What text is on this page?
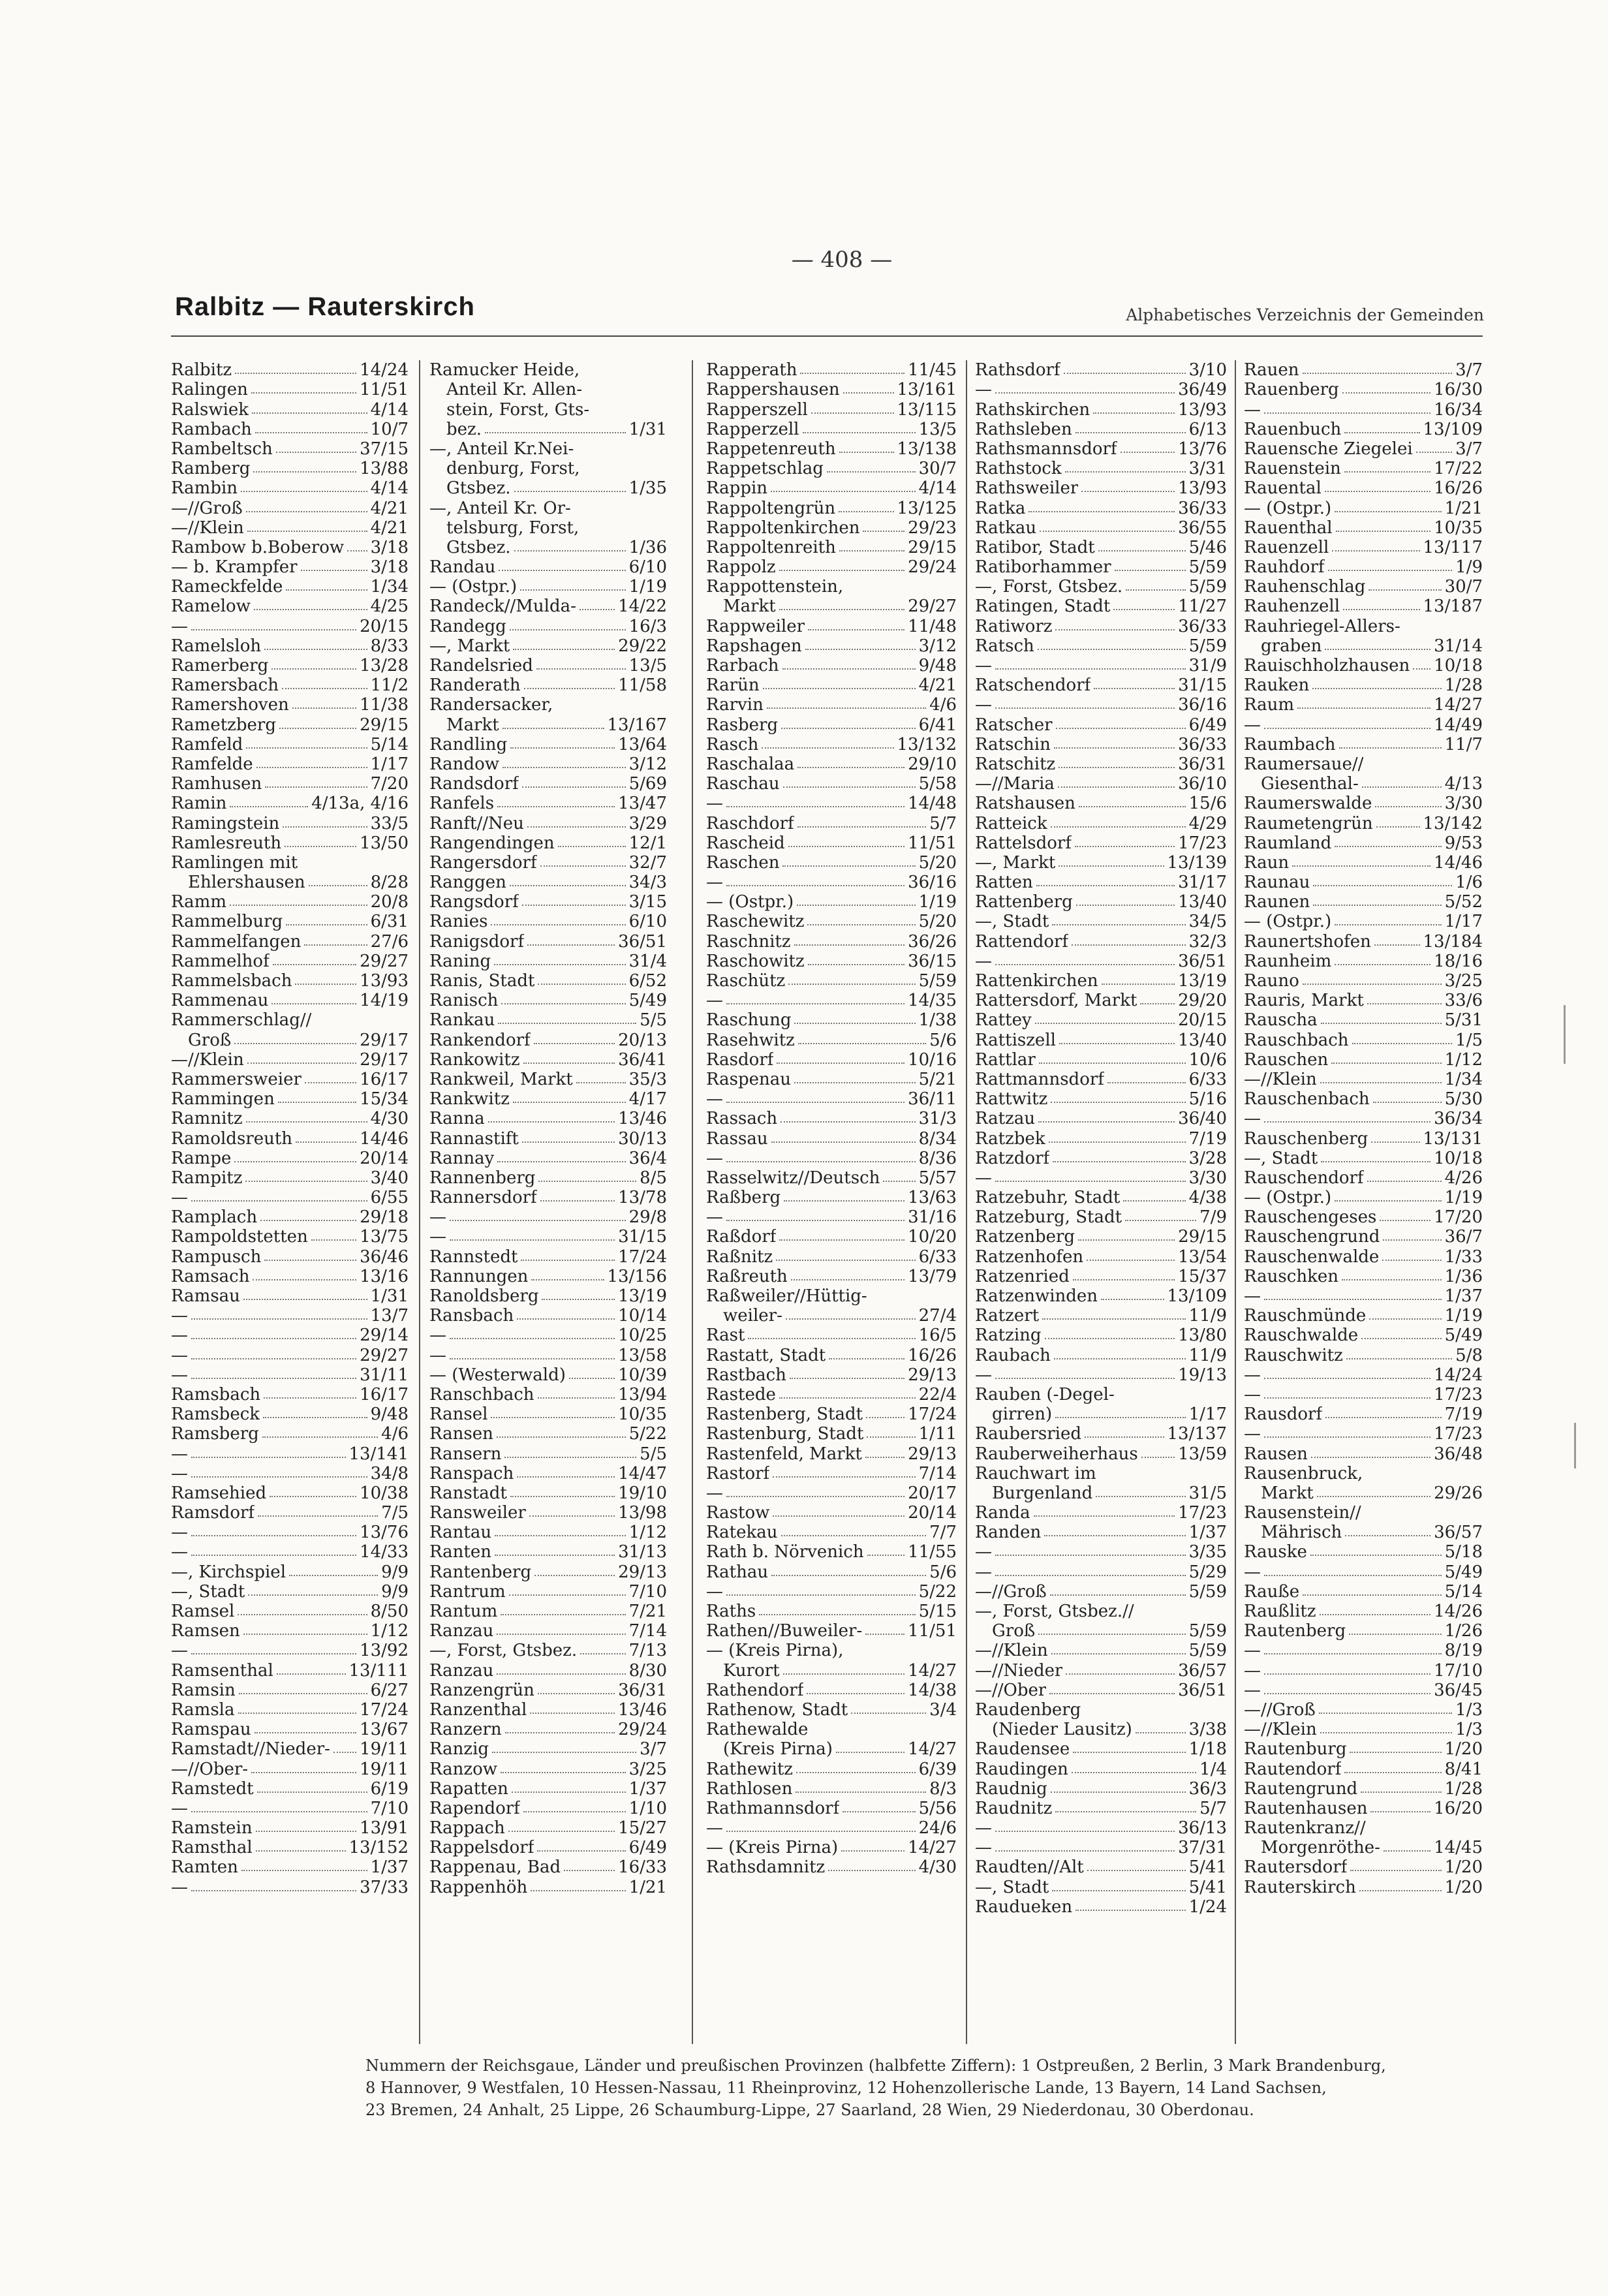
— 408 —
Ralbitz — Rauterskirch	Alphabetisches Verzeichnis der Gemeinden
Ralbitz	14/24
Ralingen	11/51
Ralswiek	4/14
Rambach	10/7
Rambeltsch	37/15
Ramberg	13/88
Rambin	4/14
—//Groß	4/21
—//Klein	4/21
Rambow b.Boberow 3/18
— b. Krampfer	3/18
Rameckfelde	1/34
Ramelow	4/25
—	20/15
Ramelsloh	8/33
Ramerberg	13/28
Ramersbach	11/2
Ramershoven	11/38
Rametzberg	29/15
Ramfeld	5/14
Ramfelde	1/17
Ramhusen	7/20
Ramin	4/13a, 4/16
Ramingstein	33/5
Ramlesreuth	13/50
Ramlingen mit
Ehlershausen	8/28
Ramm	20/8
Rammelburg	6/31
Rammelfangen	27/6
Rammelhof	29/27
Rammelsbach	13/93
Rammenau	14/19
Rammerschlag//
Groß	29/17
—//Klein	29/17
Rammersweier	16/17
Rammingen	15/34
Ramnitz	4/30
Ramoldsreuth	14/46
Rampe	20/14
Rampitz	3/40
—	6/55
Ramplach	29/18
Rampoldstetten	13/75
Rampusch	36/46
Ramsach	13/16
Ramsau	1/31
—	13/7
—	29/14
—	29/27
—	31/11
Ramsbach	16/17
Ramsbeck	9/48
Ramsberg	4/6
—	13/141
—	34/8
Ramsehied	10/38
Ramsdorf	7/5
—	13/76
—	14/33
—, Kirchspiel	9/9
—, Stadt	9/9
Ramsel	8/50
Ramsen	1/12
—	13/92
Ramsenthal	13/111
Ramsin	6/27
Ramsla	17/24
Ramspau	13/67
Ramstadt//Nieder- 19/11
—//Ober-	19/11
Ramstedt	6/19
—	7/10
Ramstein	13/91
Ramsthal	13/152
Ramten	1/37
—	37/33
Ramucker Heide,
Anteil Kr. Allen-
stein, Forst, Gts-
bez.	1/31
—, Anteil Kr.Nei-
denburg, Forst,
Gtsbez.	1/35
—, Anteil Kr. Or-
telsburg, Forst,
Gtsbez.	1/36
Randau	6/10
— (Ostpr.)	1/19
Randeck//Mulda- 14/22
Randegg	16/3
—, Markt	29/22
Randelsried	13/5
Randerath	11/58
Randersacker,
Markt	13/167
Randling	13/64
Randow	3/12
Randsdorf	5/69
Ranfels	13/47
Ranft//Neu	3/29
Rangendingen	12/1
Rangersdorf	32/7
Ranggen	34/3
Rangsdorf	3/15
Ranies	6/10
Ranigsdorf	36/51
Raning	31/4
Ranis, Stadt	6/52
Ranisch	5/49
Rankau	5/5
Rankendorf	20/13
Rankowitz	36/41
Rankweil, Markt	35/3
Rankwitz	4/17
Ranna	13/46
Rannastift	30/13
Rannay	36/4
Rannenberg	8/5
Rannersdorf	13/78
—	29/8
—	31/15
Rannstedt	17/24
Rannungen	13/156
Ranoldsberg	13/19
Ransbach	10/14
—	10/25
—	13/58
— (Westerwald)	10/39
Ranschbach	13/94
Ransel	10/35
Ransen	5/22
Ransern	5/5
Ranspach	14/47
Ranstadt	19/10
Ransweiler	13/98
Rantau	1/12
Ranten	31/13
Rantenberg	29/13
Rantrum	7/10
Rantum	7/21
Ranzau	7/14
—, Forst, Gtsbez.	7/13
Ranzau	8/30
Ranzengrün	36/31
Ranzenthal	13/46
Ranzern	29/24
Ranzig	3/7
Ranzow	3/25
Rapatten	1/37
Rapendorf	1/10
Rappach	15/27
Rappelsdorf	6/49
Rappenau, Bad	16/33
Rappenhöh	1/21
Rapperath	11/45
Rappershausen	13/161
Rapperszell	13/115
Rapperzell	13/5
Rappetenreuth	13/138
Rappetschlag	30/7
Rappin	4/14
Rappoltengrün	13/125
Rappoltenkirchen	29/23
Rappoltenreith	29/15
Rappolz	29/24
Rappottenstein,
Markt	29/27
Rappweiler	11/48
Rapshagen	3/12
Rarbach	9/48
Rarün	4/21
Rarvin	4/6
Rasberg	6/41
Rasch	13/132
Raschalaa	29/10
Raschau	5/58
—	14/48
Raschdorf	5/7
Rascheid	11/51
Raschen	5/20
—	36/16
— (Ostpr.)	1/19
Raschewitz	5/20
Raschnitz	36/26
Raschowitz	36/15
Raschütz	5/59
—	14/35
Raschung	1/38
Rasehwitz	5/6
Rasdorf	10/16
Raspenau	5/21
—	36/11
Rassach	31/3
Rassau	8/34
—	8/36
Rasselwitz//Deutsch 5/57
Raßberg	13/63
—	31/16
Raßdorf	10/20
Raßnitz	6/33
Raßreuth	13/79
Raßweiler//Hüttig-
weiler-	27/4
Rast	16/5
Rastatt, Stadt	16/26
Rastbach	29/13
Rastede	22/4
Rastenberg, Stadt	17/24
Rastenburg, Stadt	1/11
Rastenfeld, Markt	29/13
Rastorf	7/14
—	20/17
Rastow	20/14
Ratekau	7/7
Rath b. Nörvenich	11/55
Rathau	5/6
—	5/22
Raths	5/15
Rathen//Buweiler-	11/51
— (Kreis Pirna),
Kurort	14/27
Rathendorf	14/38
Rathenow, Stadt	3/4
Rathewalde
(Kreis Pirna)	14/27
Rathewitz	6/39
Rathlosen	8/3
Rathmannsdorf	5/56
—	24/6
— (Kreis Pirna)	14/27
Rathsdamnitz	4/30
Rathsdorf	3/10
—	36/49
Rathskirchen	13/93
Rathsleben	6/13
Rathsmannsdorf	13/76
Rathstock	3/31
Rathsweiler	13/93
Ratka	36/33
Ratkau	36/55
Ratibor, Stadt	5/46
Ratiborhammer	5/59
—, Forst, Gtsbez.	5/59
Ratingen, Stadt	11/27
Ratiworz	36/33
Ratsch	5/59
—	31/9
Ratschendorf	31/15
—	36/16
Ratscher	6/49
Ratschin	36/33
Ratschitz	36/31
—//Maria	36/10
Ratshausen	15/6
Ratteick	4/29
Rattelsdorf	17/23
—, Markt	13/139
Ratten	31/17
Rattenberg	13/40
—, Stadt	34/5
Rattendorf	32/3
—	36/51
Rattenkirchen	13/19
Rattersdorf, Markt 29/20
Rattey	20/15
Rattiszell	13/40
Rattlar	10/6
Rattmannsdorf	6/33
Rattwitz	5/16
Ratzau	36/40
Ratzbek	7/19
Ratzdorf	3/28
—	3/30
Ratzebuhr, Stadt	4/38
Ratzeburg, Stadt	7/9
Ratzenberg	29/15
Ratzenhofen	13/54
Ratzenried	15/37
Ratzenwinden	13/109
Ratzert	11/9
Ratzing	13/80
Raubach	11/9
—	19/13
Rauben (-Degel-
girren)	1/17
Raubersried	13/137
Rauberweiherhaus 13/59
Rauchwart im
Burgenland	31/5
Randa	17/23
Randen	1/37
—	3/35
—	5/29
—//Groß	5/59
—, Forst, Gtsbez.//
Groß	5/59
—//Klein	5/59
—//Nieder	36/57
—//Ober	36/51
Raudenberg
(Nieder Lausitz)	3/38
Raudensee	1/18
Raudingen	1/4
Raudnig	36/3
Raudnitz	5/7
—	36/13
—	37/31
Raudten//Alt	5/41
—, Stadt	5/41
Raudueken	1/24
Rauen	3/7
Rauenberg	16/30
—	16/34
Rauenbuch	13/109
Rauensche Ziegelei	3/7
Rauenstein	17/22
Rauental	16/26
— (Ostpr.)	1/21
Rauenthal	10/35
Rauenzell	13/117
Rauhdorf	1/9
Rauhenschlag	30/7
Rauhenzell	13/187
Rauhriegel-Allers-
graben	31/14
Rauischholzhausen 10/18
Rauken	1/28
Raum	14/27
—	14/49
Raumbach	11/7
Raumersaue//
Giesenthal-	4/13
Raumerswalde	3/30
Raumetengrün	13/142
Raumland	9/53
Raun	14/46
Raunau	1/6
Raunen	5/52
— (Ostpr.)	1/17
Raunertshofen	13/184
Raunheim	18/16
Rauno	3/25
Rauris, Markt	33/6
Rauscha	5/31
Rauschbach	1/5
Rauschen	1/12
—//Klein	1/34
Rauschenbach	5/30
—	36/34
Rauschenberg	13/131
—, Stadt	10/18
Rauschendorf	4/26
— (Ostpr.)	1/19
Rauschengeses	17/20
Rauschengrund	36/7
Rauschenwalde	1/33
Rauschken	1/36
—	1/37
Rauschmünde	1/19
Rauschwalde	5/49
Rauschwitz	5/8
—	14/24
—	17/23
Rausdorf	7/19
—	17/23
Rausen	36/48
Rausenbruck,
Markt	29/26
Rausenstein//
Mährisch	36/57
Rauske	5/18
—	5/49
Rauße	5/14
Raußlitz	14/26
Rautenberg	1/26
—	8/19
—	17/10
—	36/45
—//Groß	1/3
—//Klein	1/3
Rautenburg	1/20
Rautendorf	8/41
Rautengrund	1/28
Rautenhausen	16/20
Rautenkranz//
Morgenröthe-	14/45
Rautersdorf	1/20
Rauterskirch	1/20
Nummern der Reichsgaue, Länder und preußischen Provinzen (halbfette Ziffern): 1 Ostpreußen, 2 Berlin, 3 Mark Brandenburg,
8 Hannover, 9 Westfalen, 10 Hessen-Nassau, 11 Rheinprovinz, 12 Hohenzollerische Lande, 13 Bayern, 14 Land Sachsen,
23 Bremen, 24 Anhalt, 25 Lippe, 26 Schaumburg-Lippe, 27 Saarland, 28 Wien, 29 Niederdonau, 30 Oberdonau.
